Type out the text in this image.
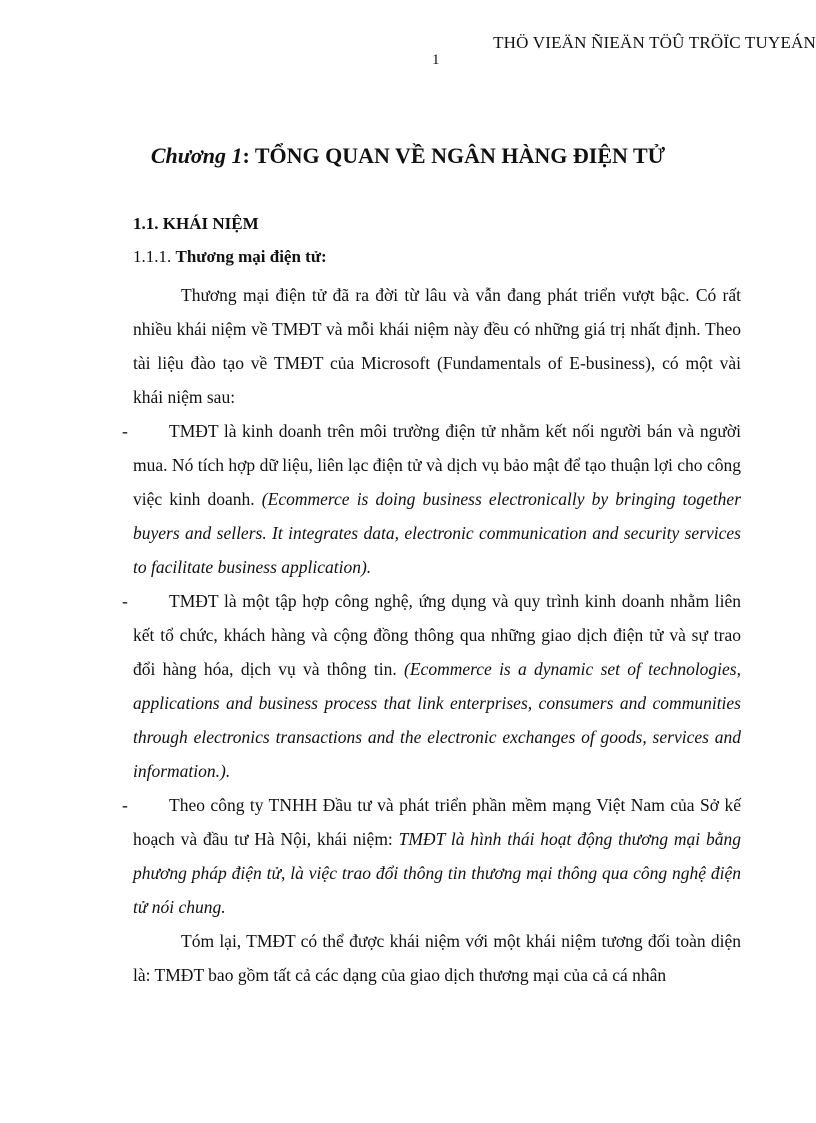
THÖ VIEÄN ÑIEÄN TÖÛ TRÖÏC TUYEÁN
1
Chương 1: TỔNG QUAN VỀ NGÂN HÀNG ĐIỆN TỬ
1.1. KHÁI NIỆM
1.1.1. Thương mại điện tử:

Thương mại điện tử đã ra đời từ lâu và vẫn đang phát triển vượt bậc. Có rất nhiều khái niệm về TMĐT và mỗi khái niệm này đều có những giá trị nhất định. Theo tài liệu đào tạo về TMĐT của Microsoft (Fundamentals of E-business), có một vài khái niệm sau:

-	TMĐT là kinh doanh trên môi trường điện tử nhằm kết nối người bán và người mua. Nó tích hợp dữ liệu, liên lạc điện tử và dịch vụ bảo mật để tạo thuận lợi cho công việc kinh doanh. (Ecommerce is doing business electronically by bringing together buyers and sellers. It integrates data, electronic communication and security services to facilitate business application).

-	TMĐT là một tập hợp công nghệ, ứng dụng và quy trình kinh doanh nhằm liên kết tổ chức, khách hàng và cộng đồng thông qua những giao dịch điện tử và sự trao đổi hàng hóa, dịch vụ và thông tin. (Ecommerce is a dynamic set of technologies, applications and business process that link enterprises, consumers and communities through electronics transactions and the electronic exchanges of goods, services and information.).

-	Theo công ty TNHH Đầu tư và phát triển phần mềm mạng Việt Nam của Sở kế hoạch và đầu tư Hà Nội, khái niệm: TMĐT là hình thái hoạt động thương mại bằng phương pháp điện tử, là việc trao đổi thông tin thương mại thông qua công nghệ điện tử nói chung.

Tóm lại, TMĐT có thể được khái niệm với một khái niệm tương đối toàn diện là: TMĐT bao gồm tất cả các dạng của giao dịch thương mại của cả cá nhân
